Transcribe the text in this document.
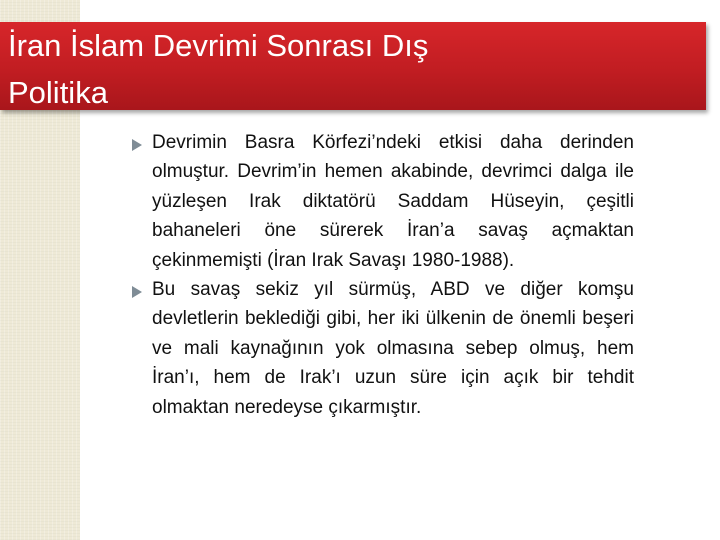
İran İslam Devrimi Sonrası Dış
Politika
Devrimin Basra Körfezi’ndeki etkisi daha derinden olmuştur. Devrim’in hemen akabinde, devrimci dalga ile yüzleşen Irak diktatörü Saddam Hüseyin, çeşitli bahaneleri öne sürerek İran’a savaş açmaktan çekinmemişti (İran Irak Savaşı 1980-1988).
Bu savaş sekiz yıl sürmüş, ABD ve diğer komşu devletlerin beklediği gibi, her iki ülkenin de önemli beşeri ve mali kaynağının yok olmasına sebep olmuş, hem İran’ı, hem de Irak’ı uzun süre için açık bir tehdit olmaktan neredeyse çıkarmıştır.
